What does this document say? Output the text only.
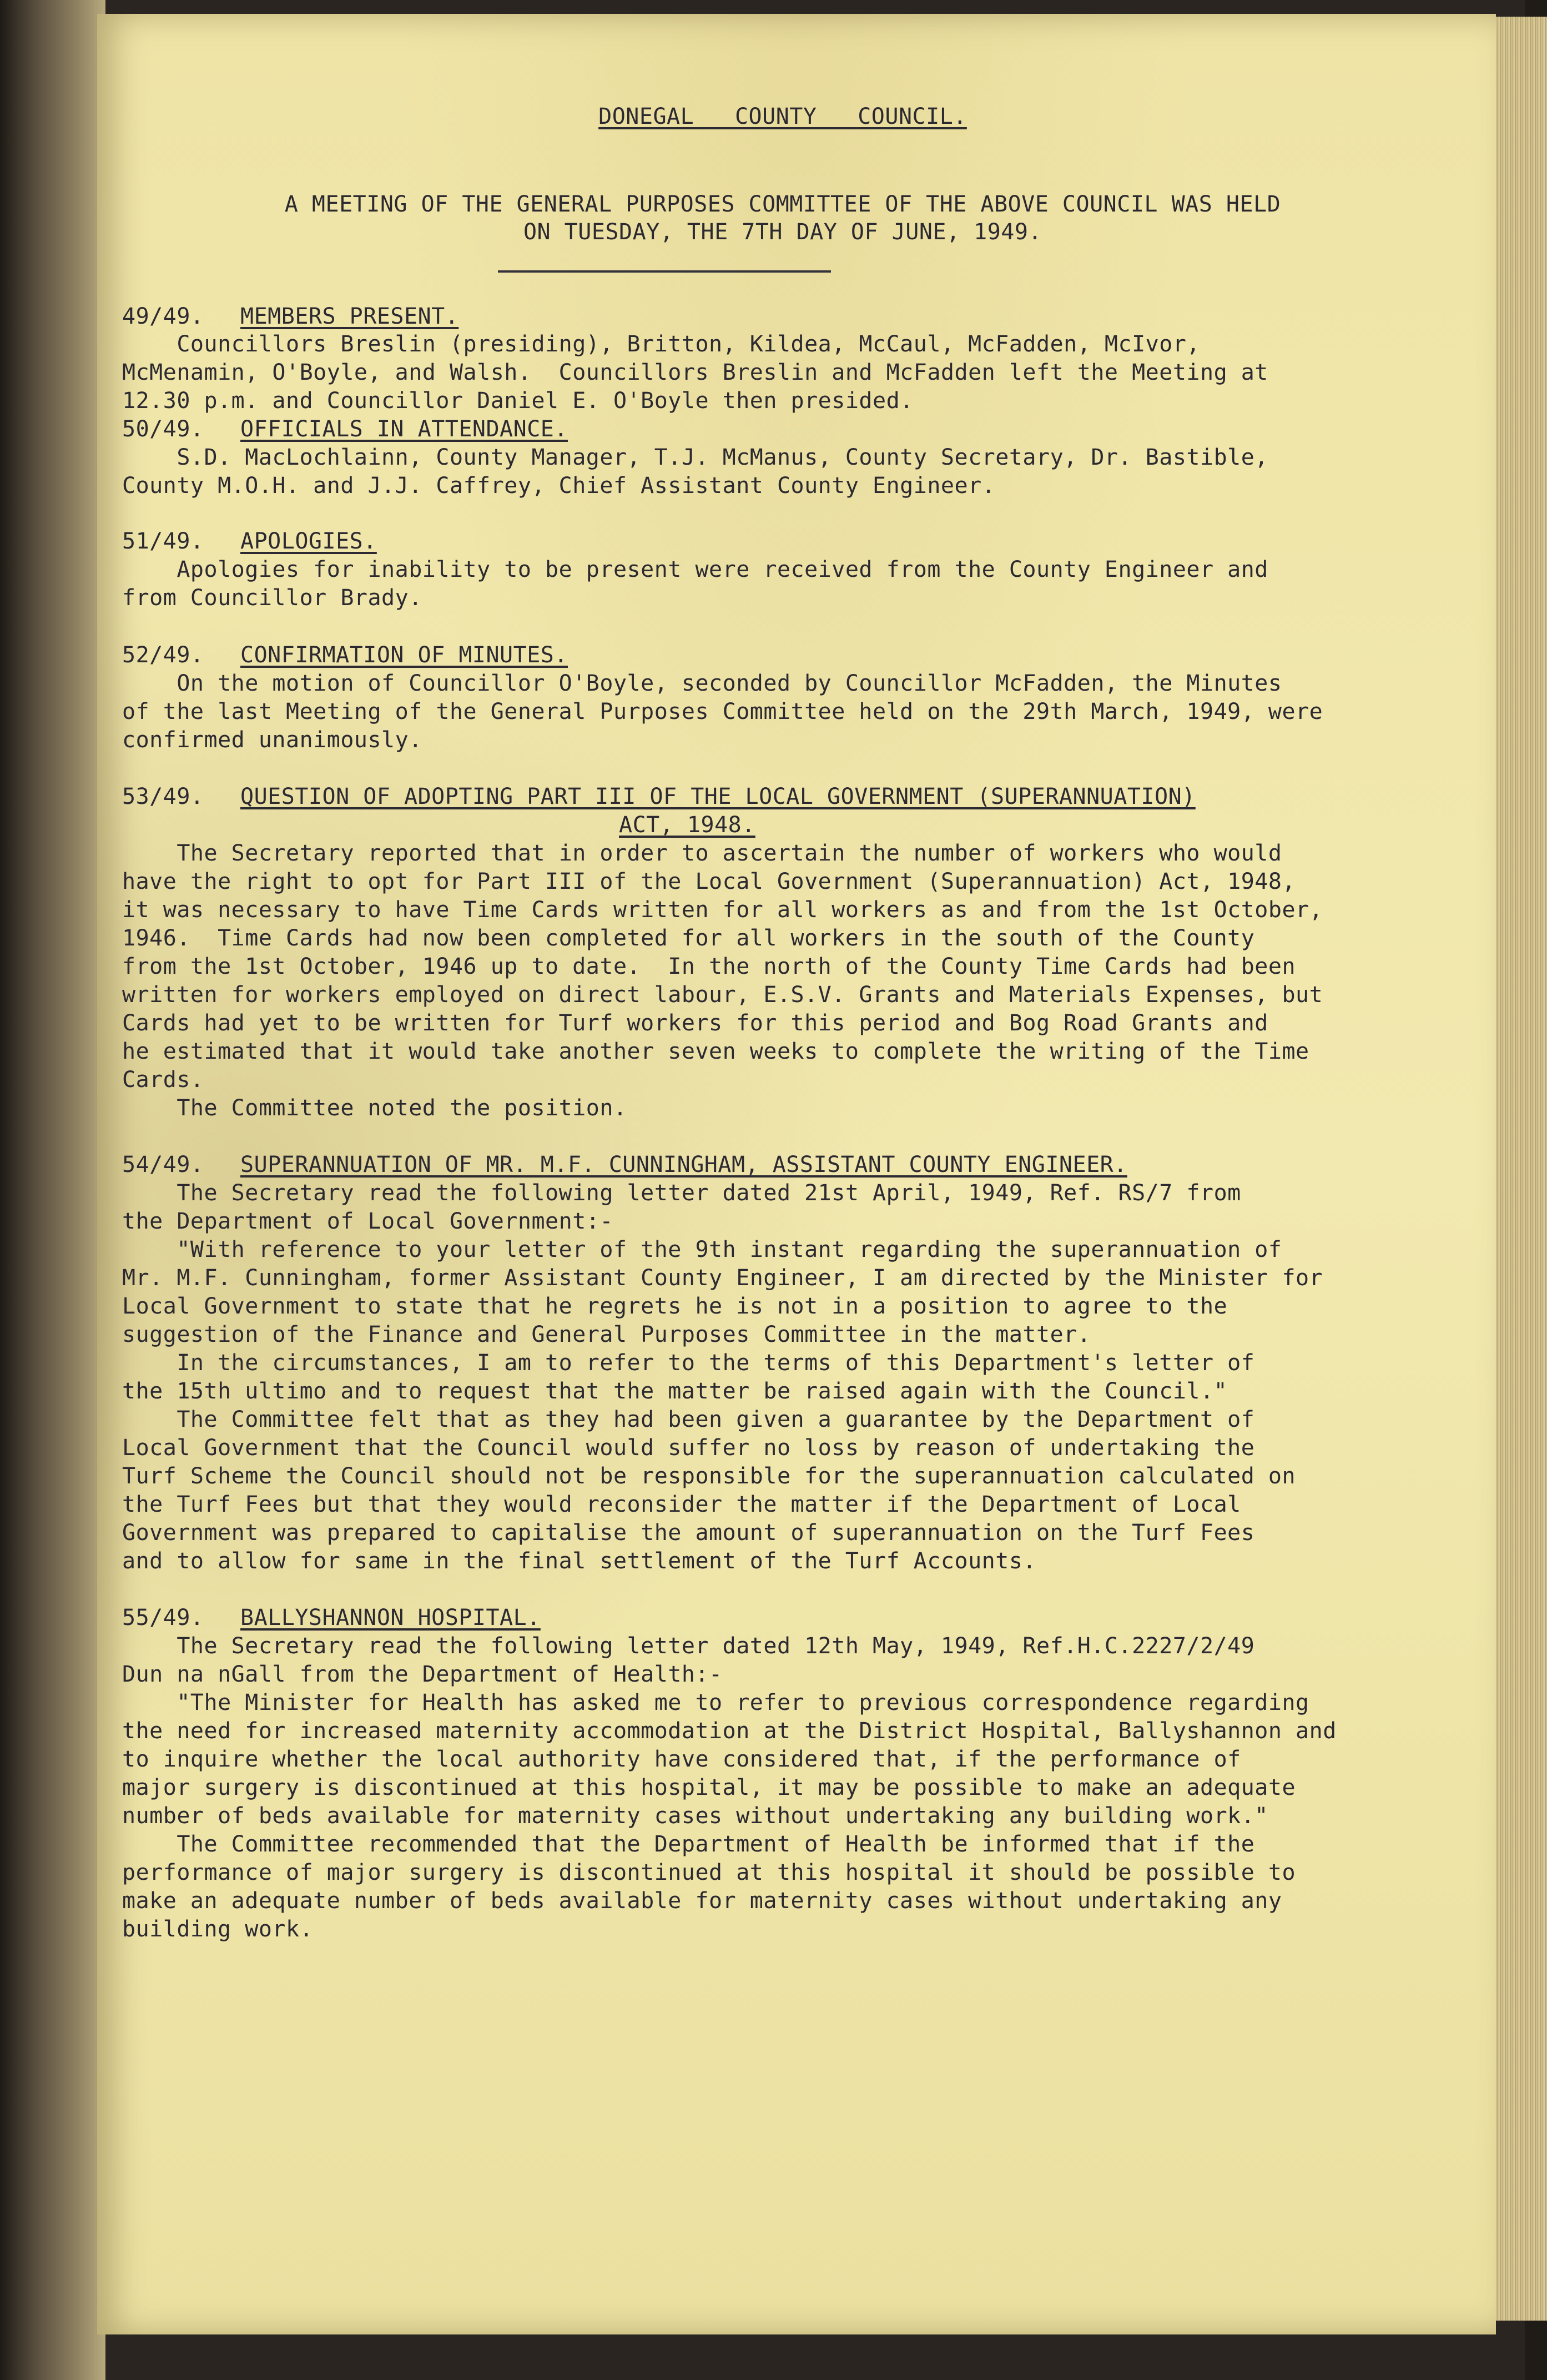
DONEGAL   COUNTY   COUNCIL.
A MEETING OF THE GENERAL PURPOSES COMMITTEE OF THE ABOVE COUNCIL WAS HELD
ON TUESDAY, THE 7TH DAY OF JUNE, 1949.
49/49.	MEMBERS PRESENT.
Councillors Breslin (presiding), Britton, Kildea, McCaul, McFadden, McIvor,
McMenamin, O'Boyle, and Walsh.  Councillors Breslin and McFadden left the Meeting at
12.30 p.m. and Councillor Daniel E. O'Boyle then presided.
50/49.	OFFICIALS IN ATTENDANCE.
S.D. MacLochlainn, County Manager, T.J. McManus, County Secretary, Dr. Bastible,
County M.O.H. and J.J. Caffrey, Chief Assistant County Engineer.
51/49.	APOLOGIES.
Apologies for inability to be present were received from the County Engineer and
from Councillor Brady.
52/49.	CONFIRMATION OF MINUTES.
On the motion of Councillor O'Boyle, seconded by Councillor McFadden, the Minutes
of the last Meeting of the General Purposes Committee held on the 29th March, 1949, were
confirmed unanimously.
53/49.	QUESTION OF ADOPTING PART III OF THE LOCAL GOVERNMENT (SUPERANNUATION)
ACT, 1948.
The Secretary reported that in order to ascertain the number of workers who would
have the right to opt for Part III of the Local Government (Superannuation) Act, 1948,
it was necessary to have Time Cards written for all workers as and from the 1st October,
1946.  Time Cards had now been completed for all workers in the south of the County
from the 1st October, 1946 up to date.  In the north of the County Time Cards had been
written for workers employed on direct labour, E.S.V. Grants and Materials Expenses, but
Cards had yet to be written for Turf workers for this period and Bog Road Grants and
he estimated that it would take another seven weeks to complete the writing of the Time
Cards.
The Committee noted the position.
54/49.	SUPERANNUATION OF MR. M.F. CUNNINGHAM, ASSISTANT COUNTY ENGINEER.
The Secretary read the following letter dated 21st April, 1949, Ref. RS/7 from
the Department of Local Government:-
"With reference to your letter of the 9th instant regarding the superannuation of
Mr. M.F. Cunningham, former Assistant County Engineer, I am directed by the Minister for
Local Government to state that he regrets he is not in a position to agree to the
suggestion of the Finance and General Purposes Committee in the matter.
In the circumstances, I am to refer to the terms of this Department's letter of
the 15th ultimo and to request that the matter be raised again with the Council."
The Committee felt that as they had been given a guarantee by the Department of
Local Government that the Council would suffer no loss by reason of undertaking the
Turf Scheme the Council should not be responsible for the superannuation calculated on
the Turf Fees but that they would reconsider the matter if the Department of Local
Government was prepared to capitalise the amount of superannuation on the Turf Fees
and to allow for same in the final settlement of the Turf Accounts.
55/49.	BALLYSHANNON HOSPITAL.
The Secretary read the following letter dated 12th May, 1949, Ref.H.C.2227/2/49
Dun na nGall from the Department of Health:-
"The Minister for Health has asked me to refer to previous correspondence regarding
the need for increased maternity accommodation at the District Hospital, Ballyshannon and
to inquire whether the local authority have considered that, if the performance of
major surgery is discontinued at this hospital, it may be possible to make an adequate
number of beds available for maternity cases without undertaking any building work."
The Committee recommended that the Department of Health be informed that if the
performance of major surgery is discontinued at this hospital it should be possible to
make an adequate number of beds available for maternity cases without undertaking any
building work.
